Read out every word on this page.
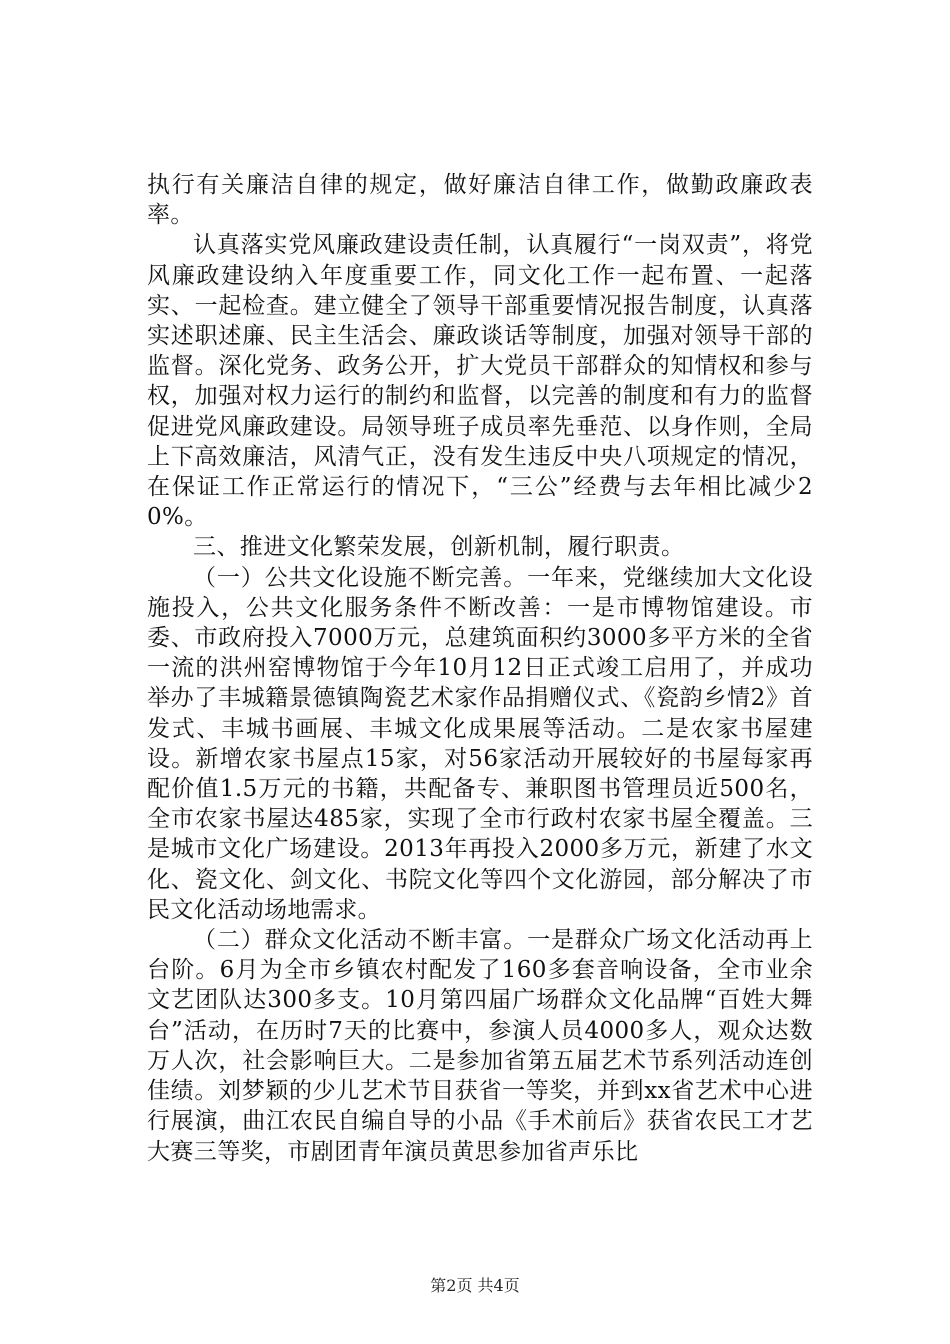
执行有关廉洁自律的规定，做好廉洁自律工作，做勤政廉政表率。

认真落实党风廉政建设责任制，认真履行“一岗双责”，将党风廉政建设纳入年度重要工作，同文化工作一起布置、一起落实、一起检查。建立健全了领导干部重要情况报告制度，认真落实述职述廉、民主生活会、廉政谈话等制度，加强对领导干部的监督。深化党务、政务公开，扩大党员干部群众的知情权和参与权，加强对权力运行的制约和监督，以完善的制度和有力的监督促进党风廉政建设。局领导班子成员率先垂范、以身作则，全局上下高效廉洁，风清气正，没有发生违反中央八项规定的情况，在保证工作正常运行的情况下，“三公”经费与去年相比减少20%。

三、推进文化繁荣发展，创新机制，履行职责。

（一）公共文化设施不断完善。一年来，党继续加大文化设施投入，公共文化服务条件不断改善：一是市博物馆建设。市委、市政府投入7000万元，总建筑面积约3000多平方米的全省一流的洪州窑博物馆于今年10月12日正式竣工启用了，并成功举办了丰城籍景德镇陶瓷艺术家作品捐赠仪式、《瓷韵乡情2》首发式、丰城书画展、丰城文化成果展等活动。二是农家书屋建设。新增农家书屋点15家，对56家活动开展较好的书屋每家再配价值1.5万元的书籍，共配备专、兼职图书管理员近500名，全市农家书屋达485家，实现了全市行政村农家书屋全覆盖。三是城市文化广场建设。2013年再投入2000多万元，新建了水文化、瓷文化、剑文化、书院文化等四个文化游园，部分解决了市民文化活动场地需求。

（二）群众文化活动不断丰富。一是群众广场文化活动再上台阶。6月为全市乡镇农村配发了160多套音响设备，全市业余文艺团队达300多支。10月第四届广场群众文化品牌“百姓大舞台”活动，在历时7天的比赛中，参演人员4000多人，观众达数万人次，社会影响巨大。二是参加省第五届艺术节系列活动连创佳绩。刘梦颖的少儿艺术节目获省一等奖，并到xx省艺术中心进行展演，曲江农民自编自导的小品《手术前后》获省农民工才艺大赛三等奖，市剧团青年演员黄思参加省声乐比

第2页 共4页
